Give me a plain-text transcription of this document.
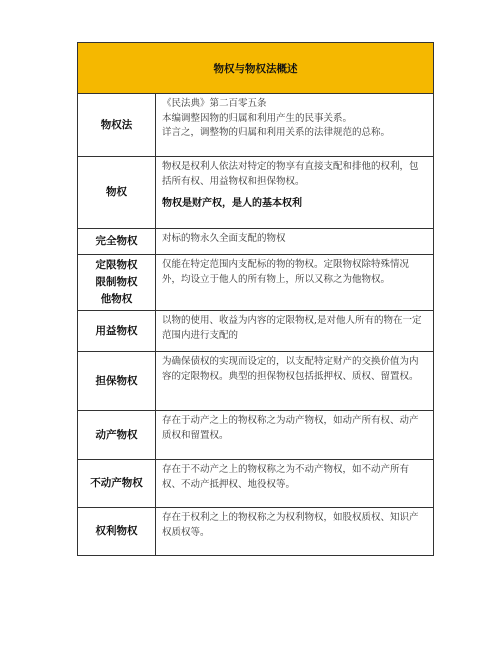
物权与物权法概述
物权法

《民法典》第二百零五条

本编调整因物的归属和利用产生的民事关系。

详言之，调整物的归属和利用关系的法律规范的总称。

物权

物权是权利人依法对特定的物享有直接支配和排他的权利，包括所有权、用益物权和担保物权。

物权是财产权，是人的基本权利

完全物权	对标的物永久全面支配的物权

定限物权
限制物权
他物权

仅能在特定范围内支配标的物的物权。定限物权除特殊情况外，均设立于他人的所有物上，所以又称之为他物权。

用益物权

以物的使用、收益为内容的定限物权,是对他人所有的物在一定范围内进行支配的

担保物权

为确保债权的实现而设定的，以支配特定财产的交换价值为内容的定限物权。典型的担保物权包括抵押权、质权、留置权。

动产物权

存在于动产之上的物权称之为动产物权，如动产所有权、动产质权和留置权。

不动产物权

存在于不动产之上的物权称之为不动产物权，如不动产所有权、不动产抵押权、地役权等。

权利物权

存在于权利之上的物权称之为权利物权，如股权质权、知识产权质权等。
